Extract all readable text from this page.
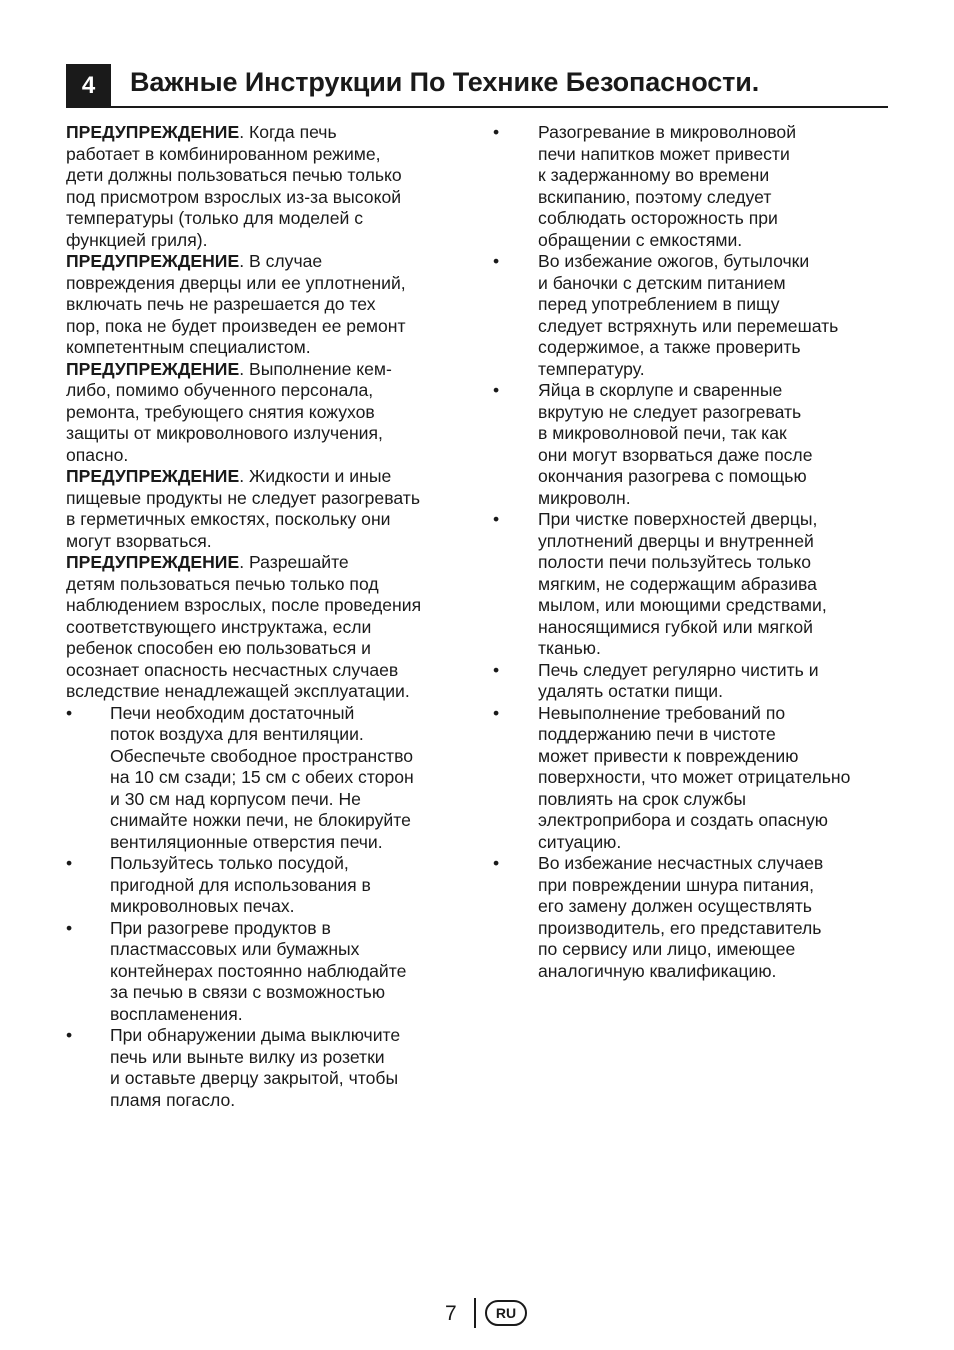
4 Важные Инструкции По Технике Безопасности.
ПРЕДУПРЕЖДЕНИЕ. Когда печь
работает в комбинированном режиме,
дети должны пользоваться печью только
под присмотром взрослых из-за высокой
температуры (только для моделей с
функцией гриля).
ПРЕДУПРЕЖДЕНИЕ. В случае
повреждения дверцы или ее уплотнений,
включать печь не разрешается до тех
пор, пока не будет произведен ее ремонт
компетентным специалистом.
ПРЕДУПРЕЖДЕНИЕ. Выполнение кем-
либо, помимо обученного персонала,
ремонта, требующего снятия кожухов
защиты от микроволнового излучения,
опасно.
ПРЕДУПРЕЖДЕНИЕ. Жидкости и иные
пищевые продукты не следует разогревать
в герметичных емкостях, поскольку они
могут взорваться.
ПРЕДУПРЕЖДЕНИЕ. Разрешайте
детям пользоваться печью только под
наблюдением взрослых, после проведения
соответствующего инструктажа, если
ребенок способен ею пользоваться и
осознает опасность несчастных случаев
вследствие ненадлежащей эксплуатации.
•	Печи необходим достаточный
поток воздуха для вентиляции.
Обеспечьте свободное пространство
на 10 см сзади; 15 см с обеих сторон
и 30 см над корпусом печи. Не
снимайте ножки печи, не блокируйте
вентиляционные отверстия печи.
•	Пользуйтесь только посудой,
пригодной для использования в
микроволновых печах.
•	При разогреве продуктов в
пластмассовых или бумажных
контейнерах постоянно наблюдайте
за печью в связи с возможностью
воспламенения.
•	При обнаружении дыма выключите
печь или выньте вилку из розетки
и оставьте дверцу закрытой, чтобы
пламя погасло.
•	Разогревание в микроволновой
печи напитков может привести
к задержанному во времени
вскипанию, поэтому следует
соблюдать осторожность при
обращении с емкостями.
•	Во избежание ожогов, бутылочки
и баночки с детским питанием
перед употреблением в пищу
следует встряхнуть или перемешать
содержимое, а также проверить
температуру.
•	Яйца в скорлупе и сваренные
вкрутую не следует разогревать
в микроволновой печи, так как
они могут взорваться даже после
окончания разогрева с помощью
микроволн.
•	При чистке поверхностей дверцы,
уплотнений дверцы и внутренней
полости печи пользуйтесь только
мягким, не содержащим абразива
мылом, или моющими средствами,
наносящимися губкой или мягкой
тканью.
•	Печь следует регулярно чистить и
удалять остатки пищи.
•	Невыполнение требований по
поддержанию печи в чистоте
может привести к повреждению
поверхности, что может отрицательно
повлиять на срок службы
электроприбора и создать опасную
ситуацию.
•	Во избежание несчастных случаев
при повреждении шнура питания,
его замену должен осуществлять
производитель, его представитель
по сервису или лицо, имеющее
аналогичную квалификацию.
7	RU
